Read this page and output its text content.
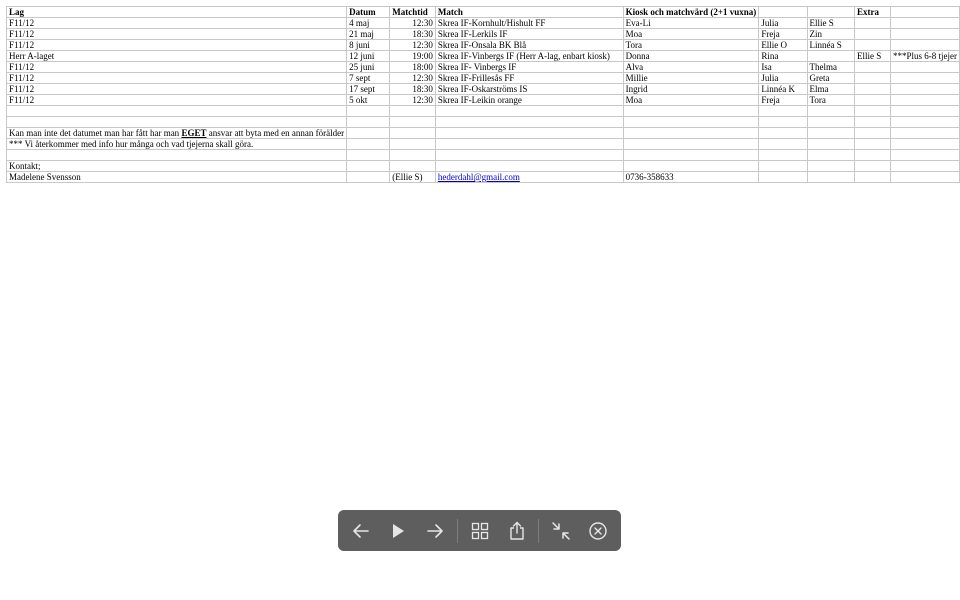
Lag	Datum	Matchtid	Match	Kiosk och matchvärd (2+1 vuxna)			Extra	
F11/12	4 maj	12:30	Skrea IF-Kornhult/Hishult FF	Eva-Li	Julia	Ellie S		
F11/12	21 maj	18:30	Skrea IF-Lerkils IF	Moa	Freja	Zin		
F11/12	8 juni	12:30	Skrea IF-Onsala BK Blå	Tora	Ellie O	Linnéa S		
Herr A-laget	12 juni	19:00	Skrea IF-Vinbergs IF (Herr A-lag, enbart kiosk)	Donna	Rina		Ellie S	***Plus 6-8 tjejer
F11/12	25 juni	18:00	Skrea IF- Vinbergs IF	Alva	Isa	Thelma		
F11/12	7 sept	12:30	Skrea IF-Frillesås FF	Millie	Julia	Greta		
F11/12	17 sept	18:30	Skrea IF-Oskarströms IS	Ingrid	Linnéa K	Elma		
F11/12	5 okt	12:30	Skrea IF-Leikin orange	Moa	Freja	Tora		

Kan man inte det datumet man har fått har man EGET ansvar att byta med en annan förälder								
*** Vi återkommer med info hur många och vad tjejerna skall göra.								

Kontakt;								
Madelene Svensson		(Ellie S)	hederdahl@gmail.com	0736-358633				
